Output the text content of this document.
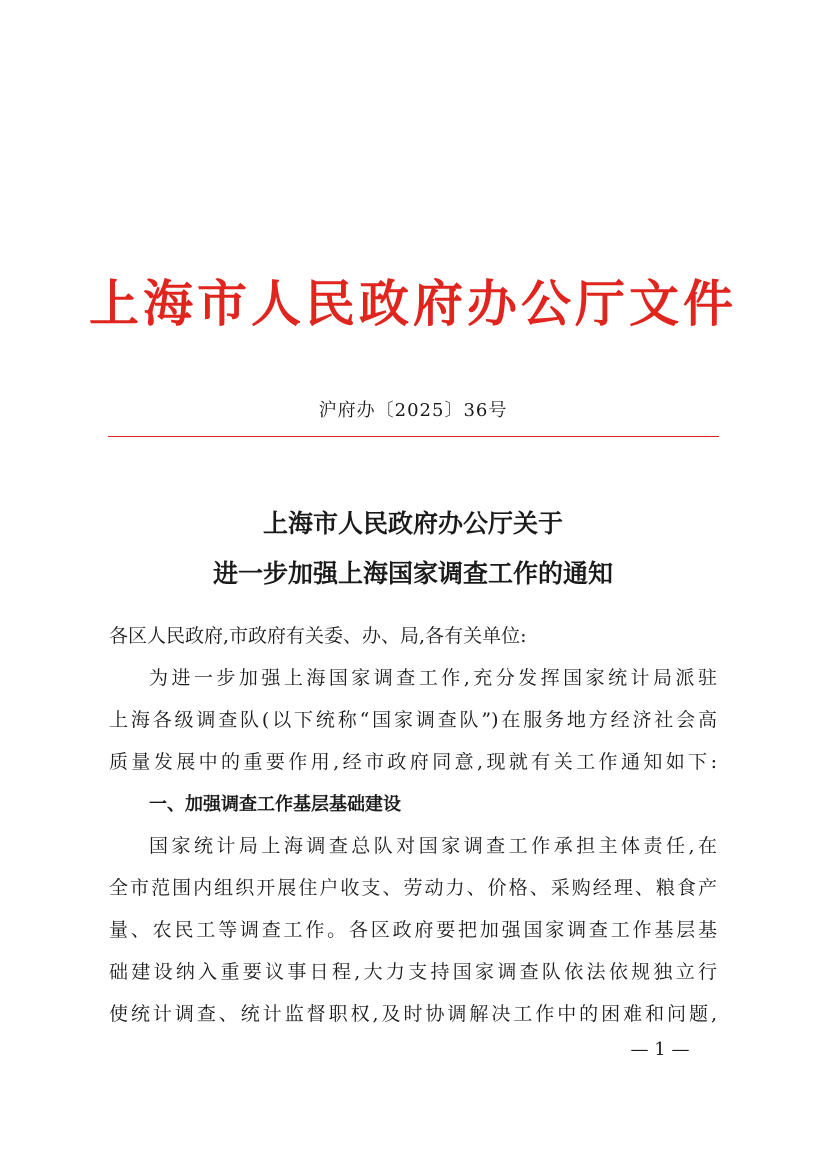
上海市人民政府办公厅文件
沪府办〔2025〕36号
上海市人民政府办公厅关于
进一步加强上海国家调查工作的通知
各区人民政府,市政府有关委、办、局,各有关单位:
为进一步加强上海国家调查工作,充分发挥国家统计局派驻
上海各级调查队(以下统称“国家调查队”)在服务地方经济社会高
质量发展中的重要作用,经市政府同意,现就有关工作通知如下:
一、加强调查工作基层基础建设
国家统计局上海调查总队对国家调查工作承担主体责任,在
全市范围内组织开展住户收支、劳动力、价格、采购经理、粮食产
量、农民工等调查工作。各区政府要把加强国家调查工作基层基
础建设纳入重要议事日程,大力支持国家调查队依法依规独立行
使统计调查、统计监督职权,及时协调解决工作中的困难和问题,
— 1 —
